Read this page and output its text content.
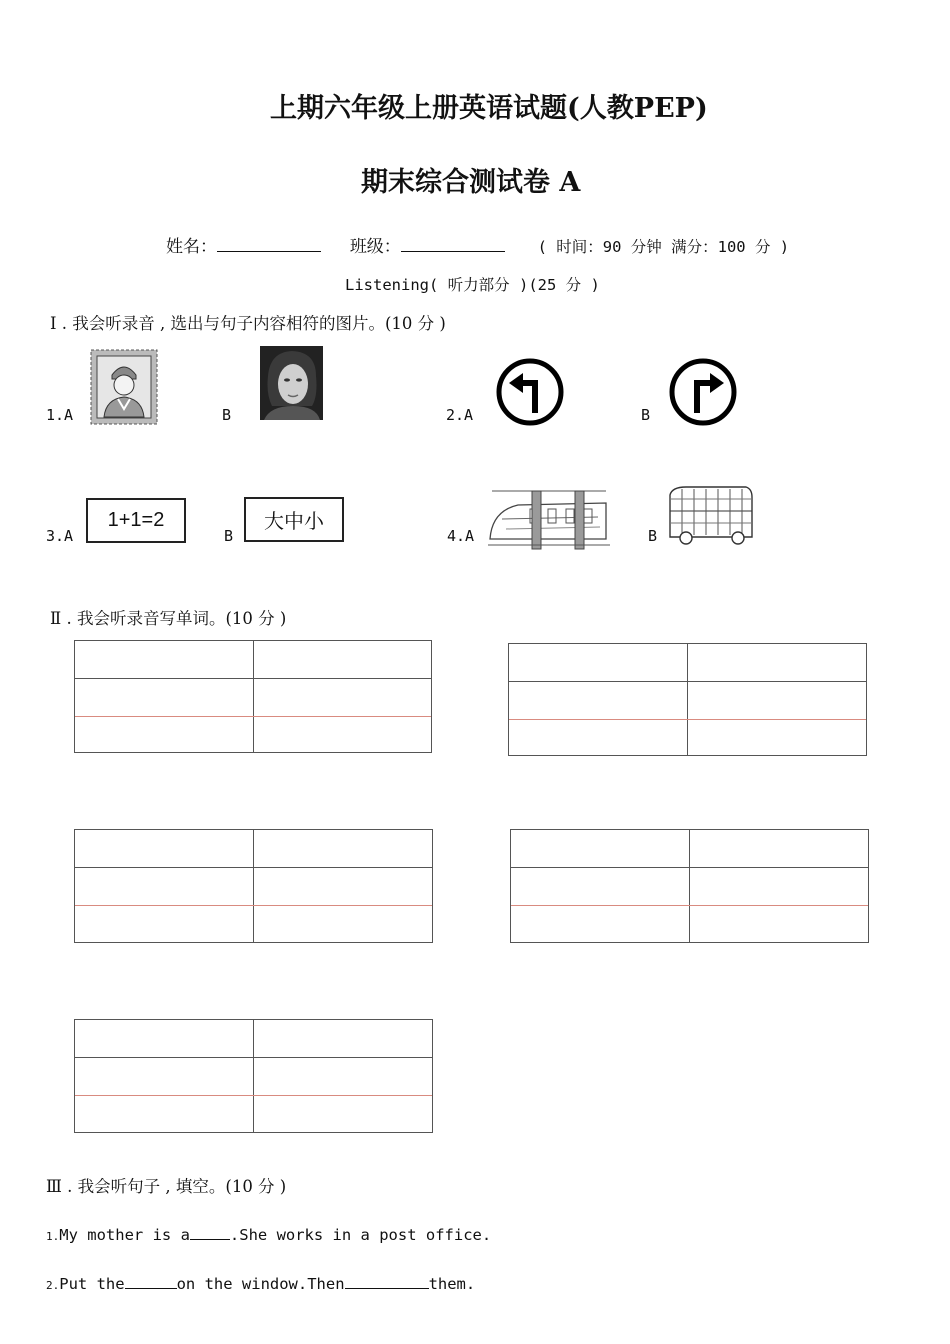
上期六年级上册英语试题(人教PEP)
期末综合测试卷 A
姓名：	班级：	( 时间：90 分钟 满分：100 分 )
Listening( 听力部分 )(25 分 )
Ⅰ . 我会听录音 , 选出与句子内容相符的图片。(10 分 )
1.A	B	2.A	B
3.A
1+1=2
B
大中小
4.A	B
Ⅱ . 我会听录音写单词。(10 分 )
Ⅲ . 我会听句子 , 填空。(10 分 )
1.My mother is a	.She works in a post office.
2.Put the	on the window.Then	them.
